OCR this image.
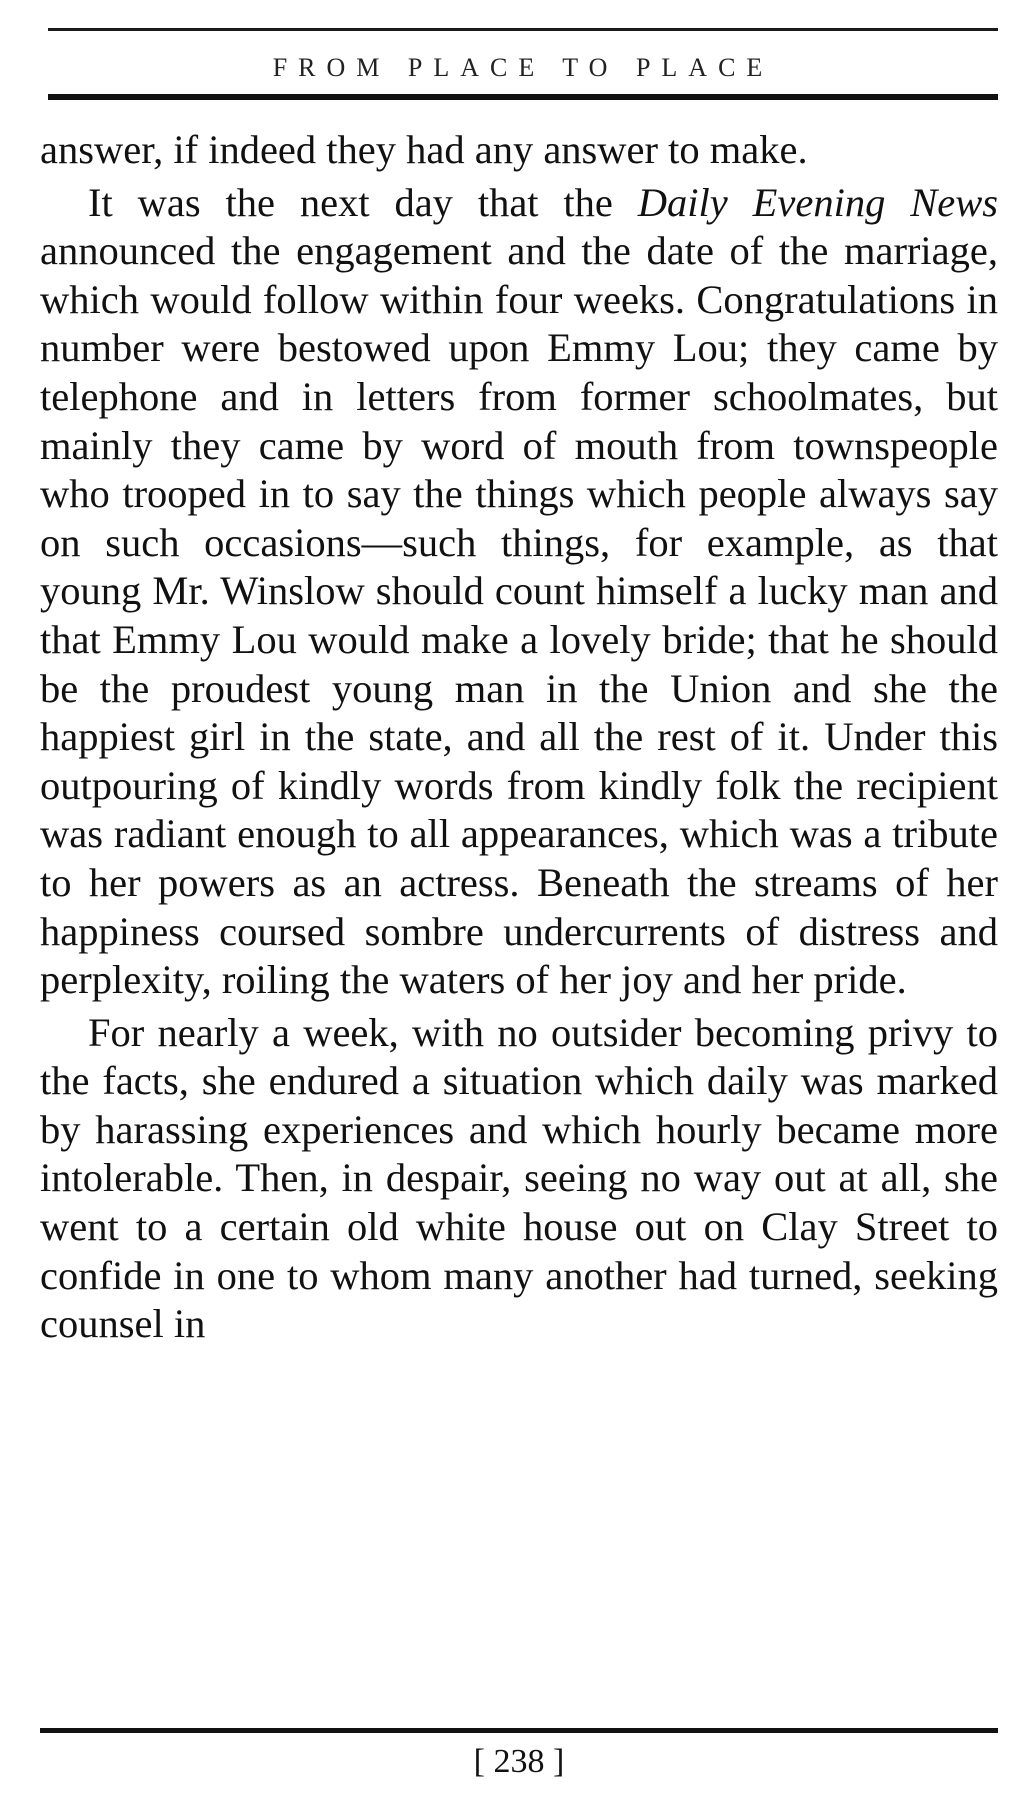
FROM PLACE TO PLACE

answer, if indeed they had any answer to make.

It was the next day that the Daily Evening News announced the engagement and the date of the marriage, which would follow within four weeks. Congratulations in number were bestowed upon Emmy Lou; they came by telephone and in letters from former schoolmates, but mainly they came by word of mouth from townspeople who trooped in to say the things which people always say on such occasions—such things, for example, as that young Mr. Winslow should count himself a lucky man and that Emmy Lou would make a lovely bride; that he should be the proudest young man in the Union and she the happiest girl in the state, and all the rest of it. Under this outpouring of kindly words from kindly folk the recipient was radiant enough to all appearances, which was a tribute to her powers as an actress. Beneath the streams of her happiness coursed sombre undercurrents of distress and perplexity, roiling the waters of her joy and her pride.

For nearly a week, with no outsider becoming privy to the facts, she endured a situation which daily was marked by harassing experiences and which hourly became more intolerable. Then, in despair, seeing no way out at all, she went to a certain old white house out on Clay Street to confide in one to whom many another had turned, seeking counsel in

[ 238 ]
